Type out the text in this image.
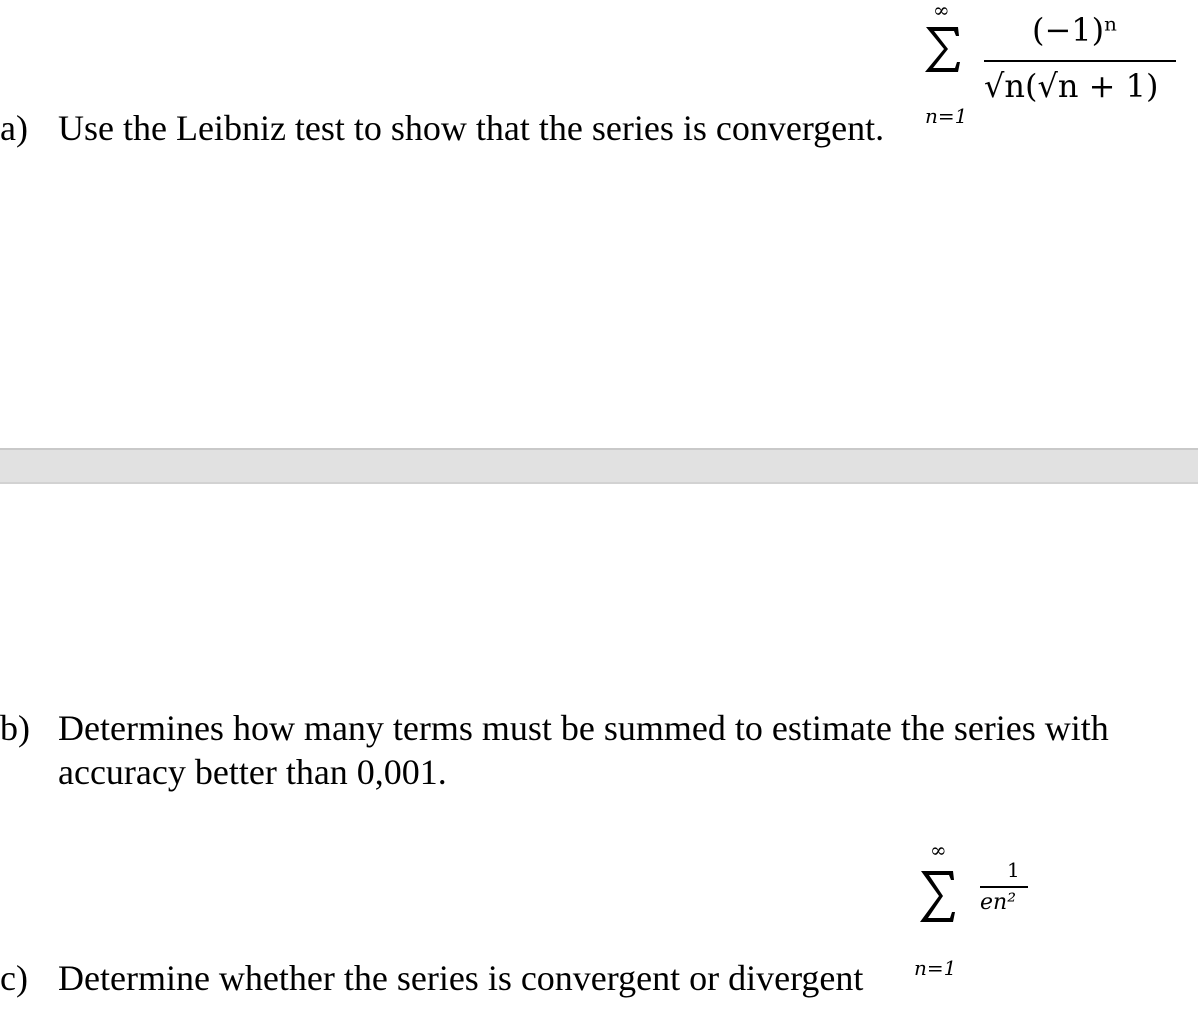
∞
n=1
(−1)ⁿ
√n(√n + 1)
a) Use the Leibniz test to show that the series is convergent.
b) Determines how many terms must be summed to estimate the series with
accuracy better than 0,001.
∞
n=1
1
en²
c) Determine whether the series is convergent or divergent
